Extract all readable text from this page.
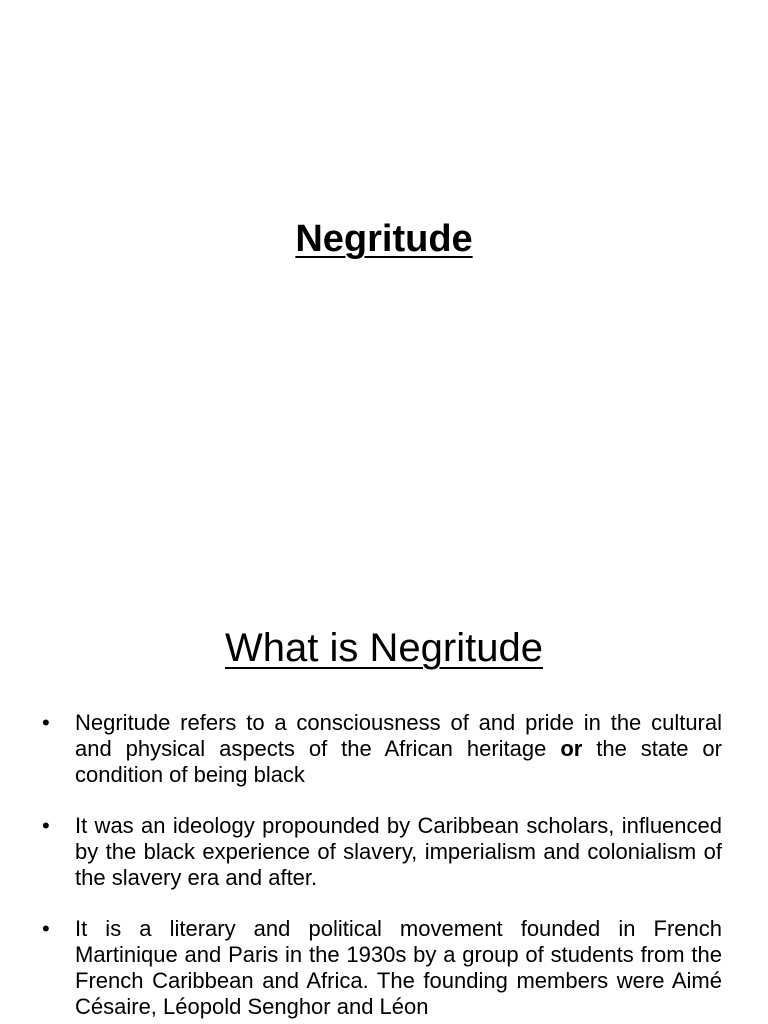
Negritude
What is Negritude
• Negritude refers to a consciousness of and pride in the cultural and physical aspects of the African heritage or the state or condition of being black
• It was an ideology propounded by Caribbean scholars, influenced by the black experience of slavery, imperialism and colonialism of the slavery era and after.
• It is a literary and political movement founded in French Martinique and Paris in the 1930s by a group of students from the French Caribbean and Africa. The founding members were Aimé Césaire, Léopold Senghor and Léon
